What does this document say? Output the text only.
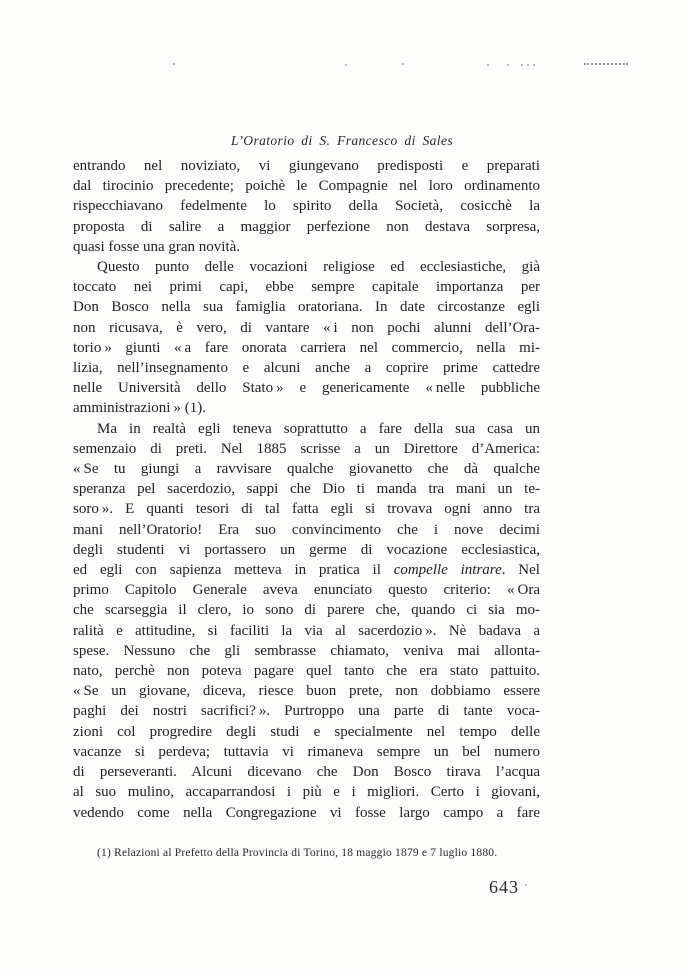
L’Oratorio di S. Francesco di Sales
entrando nel noviziato, vi giungevano predisposti e preparati
dal tirocinio precedente; poichè le Compagnie nel loro ordinamento
rispecchiavano fedelmente lo spirito della Società, cosicchè la
proposta di salire a maggior perfezione non destava sorpresa,
quasi fosse una gran novità.
Questo punto delle vocazioni religiose ed ecclesiastiche, già
toccato nei primi capi, ebbe sempre capitale importanza per
Don Bosco nella sua famiglia oratoriana. In date circostanze egli
non ricusava, è vero, di vantare « i non pochi alunni dell’Ora-
torio » giunti « a fare onorata carriera nel commercio, nella mi-
lizia, nell’insegnamento e alcuni anche a coprire prime cattedre
nelle Università dello Stato » e genericamente « nelle pubbliche
amministrazioni » (1).
Ma in realtà egli teneva soprattutto a fare della sua casa un
semenzaio di preti. Nel 1885 scrisse a un Direttore d’America:
« Se tu giungi a ravvisare qualche giovanetto che dà qualche
speranza pel sacerdozio, sappi che Dio ti manda tra mani un te-
soro ». E quanti tesori di tal fatta egli si trovava ogni anno tra
mani nell’Oratorio! Era suo convincimento che i nove decimi
degli studenti vi portassero un germe di vocazione ecclesiastica,
ed egli con sapienza metteva in pratica il compelle intrare. Nel
primo Capitolo Generale aveva enunciato questo criterio: « Ora
che scarseggia il clero, io sono di parere che, quando ci sia mo-
ralità e attitudine, si faciliti la via al sacerdozio ». Nè badava a
spese. Nessuno che gli sembrasse chiamato, veniva mai allonta-
nato, perchè non poteva pagare quel tanto che era stato pattuito.
« Se un giovane, diceva, riesce buon prete, non dobbiamo essere
paghi dei nostri sacrifici? ». Purtroppo una parte di tante voca-
zioni col progredire degli studi e specialmente nel tempo delle
vacanze si perdeva; tuttavia vi rimaneva sempre un bel numero
di perseveranti. Alcuni dicevano che Don Bosco tirava l’acqua
al suo mulino, accaparrandosi i più e i migliori. Certo i giovani,
vedendo come nella Congregazione vi fosse largo campo a fare
(1) Relazioni al Prefetto della Provincia di Torino, 18 maggio 1879 e 7 luglio 1880.
643
